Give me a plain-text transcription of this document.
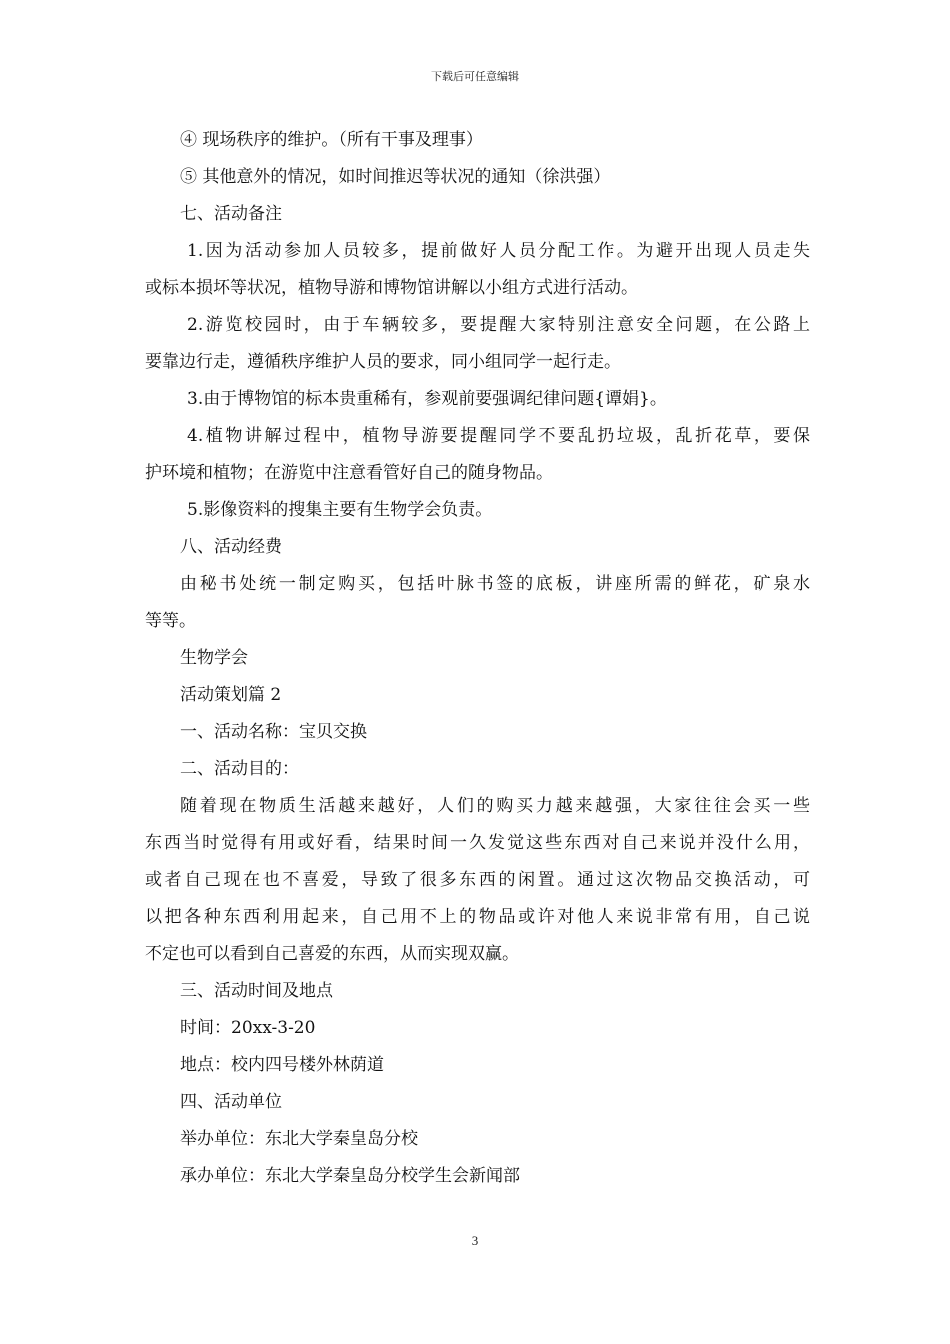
下载后可任意编辑

④ 现场秩序的维护。（所有干事及理事）

⑤ 其他意外的情况，如时间推迟等状况的通知（徐洪强）

七、活动备注

1.因为活动参加人员较多，提前做好人员分配工作。为避开出现人员走失

或标本损坏等状况，植物导游和博物馆讲解以小组方式进行活动。

2.游览校园时，由于车辆较多，要提醒大家特别注意安全问题，在公路上

要靠边行走，遵循秩序维护人员的要求，同小组同学一起行走。

3.由于博物馆的标本贵重稀有，参观前要强调纪律问题{谭娟}。

4.植物讲解过程中，植物导游要提醒同学不要乱扔垃圾，乱折花草，要保

护环境和植物；在游览中注意看管好自己的随身物品。

5.影像资料的搜集主要有生物学会负责。

八、活动经费

由秘书处统一制定购买，包括叶脉书签的底板，讲座所需的鲜花，矿泉水

等等。

生物学会

活动策划篇 2

一、活动名称：宝贝交换

二、活动目的：

随着现在物质生活越来越好，人们的购买力越来越强，大家往往会买一些

东西当时觉得有用或好看，结果时间一久发觉这些东西对自己来说并没什么用，

或者自己现在也不喜爱，导致了很多东西的闲置。通过这次物品交换活动，可

以把各种东西利用起来，自己用不上的物品或许对他人来说非常有用，自己说

不定也可以看到自己喜爱的东西，从而实现双赢。

三、活动时间及地点

时间：20xx-3-20

地点：校内四号楼外林荫道

四、活动单位

举办单位：东北大学秦皇岛分校

承办单位：东北大学秦皇岛分校学生会新闻部

3
